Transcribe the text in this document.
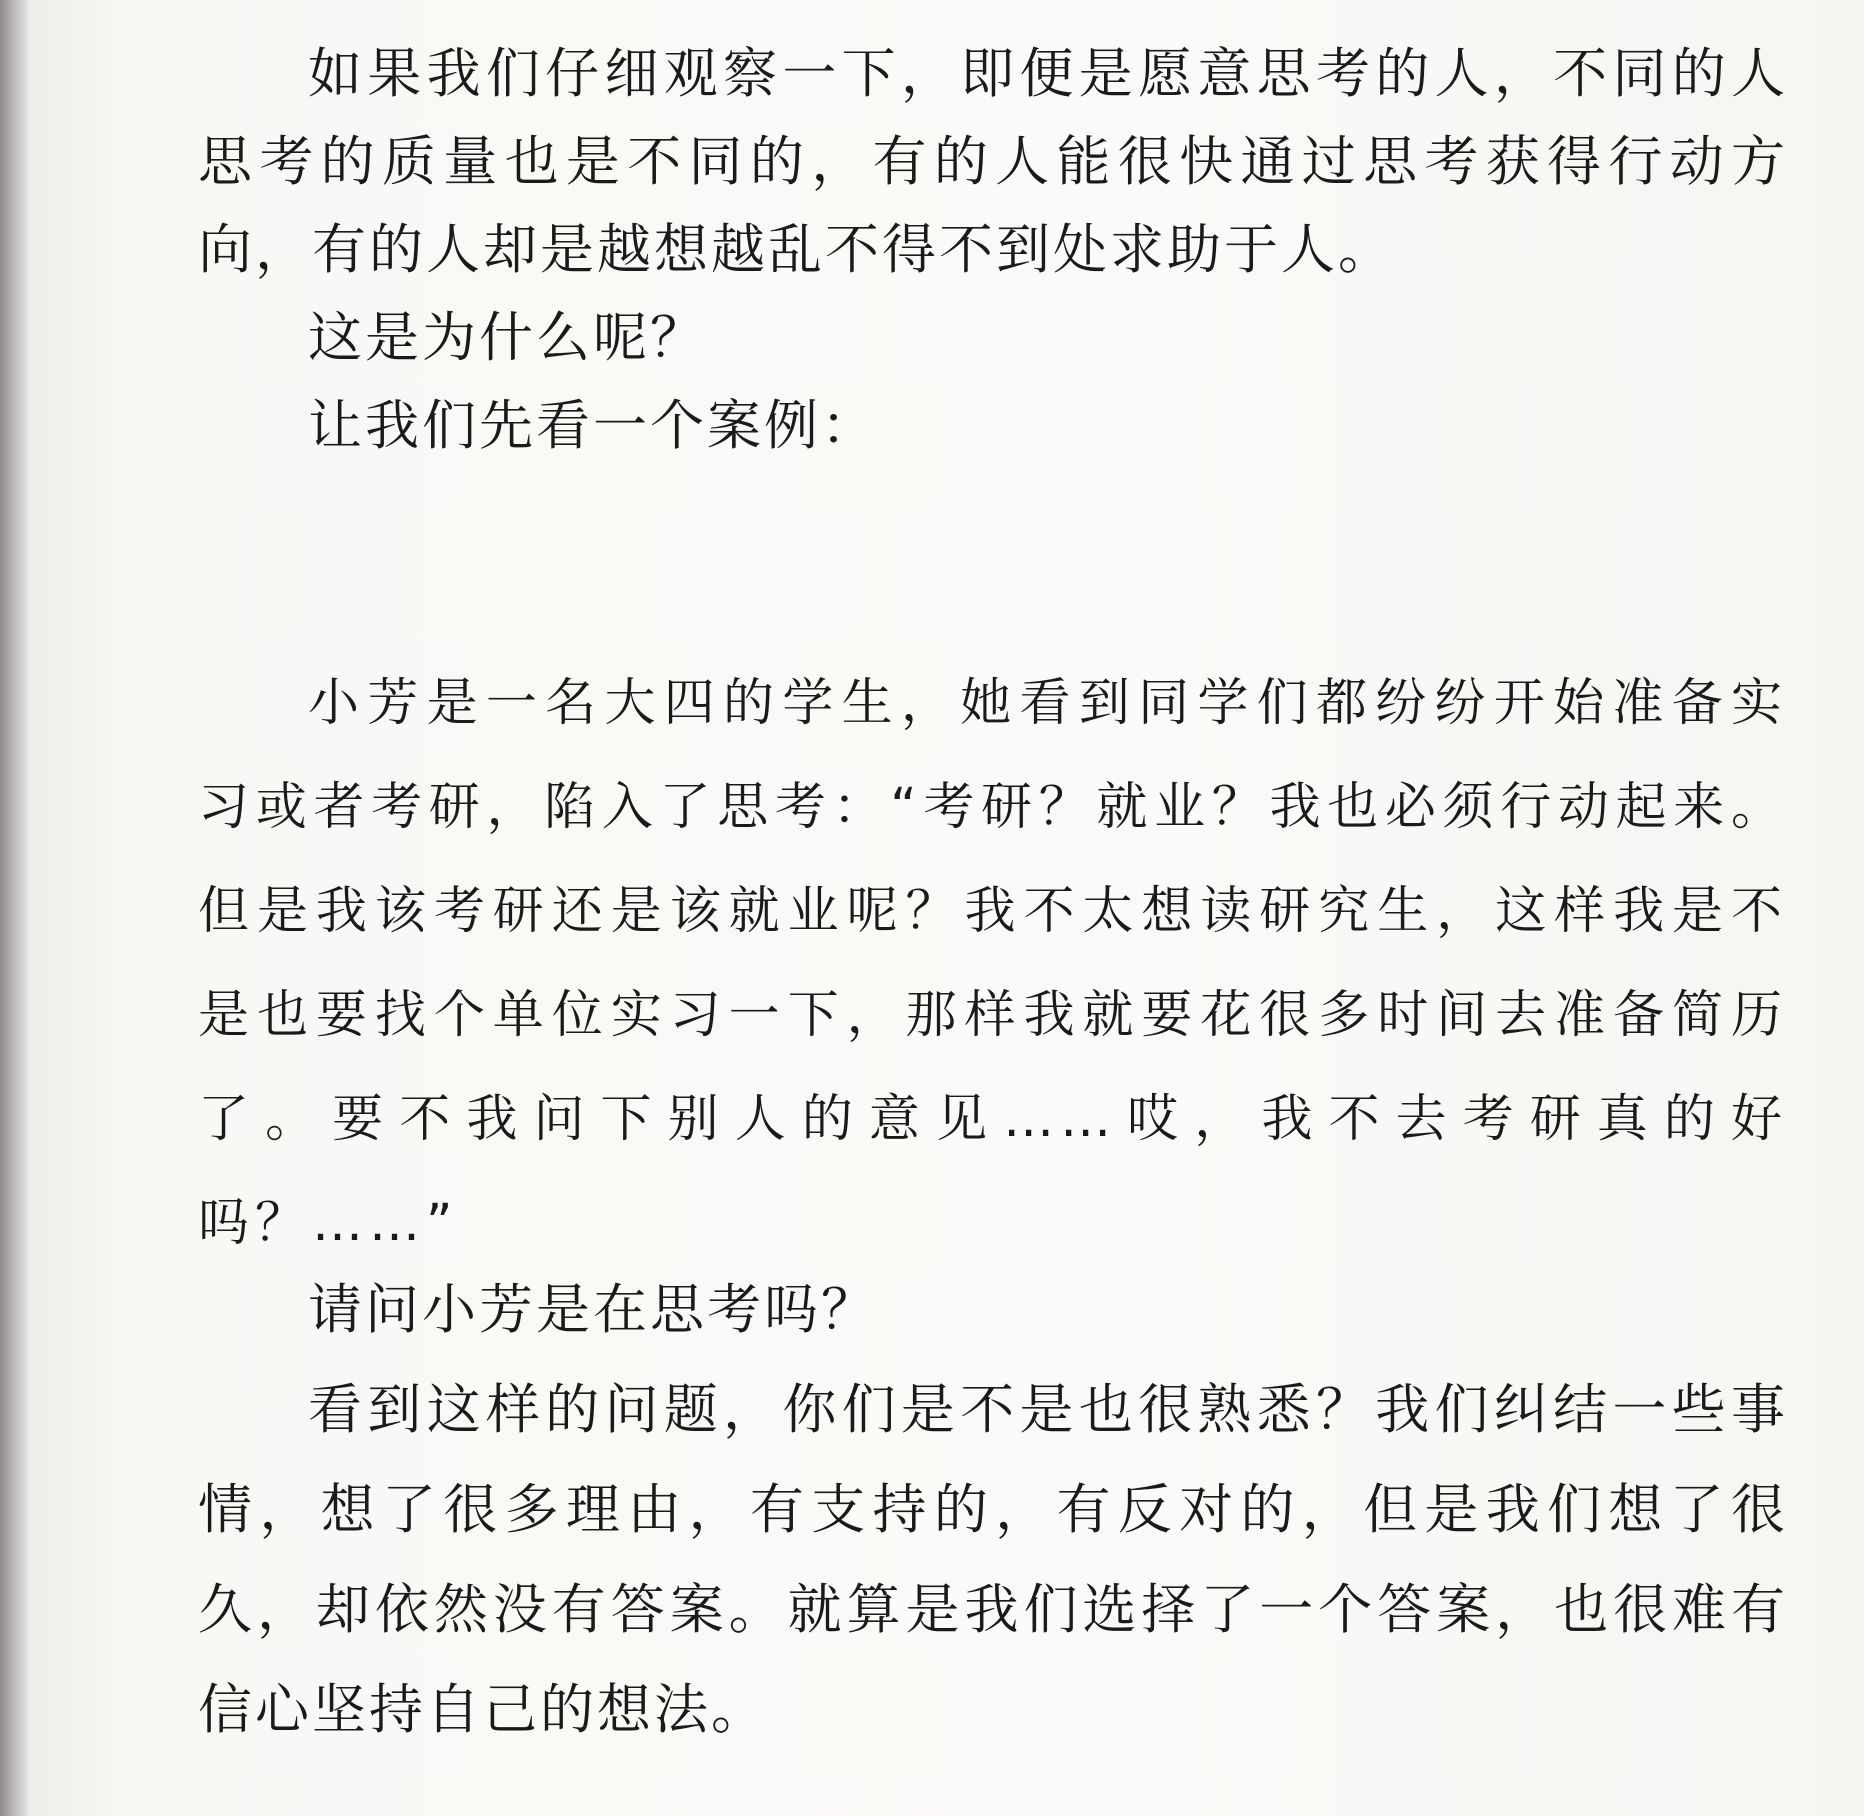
如果我们仔细观察一下，即便是愿意思考的人，不同的人思考的质量也是不同的，有的人能很快通过思考获得行动方向，有的人却是越想越乱不得不到处求助于人。

这是为什么呢？

让我们先看一个案例：

小芳是一名大四的学生，她看到同学们都纷纷开始准备实习或者考研，陷入了思考：“考研？就业？我也必须行动起来。但是我该考研还是该就业呢？我不太想读研究生，这样我是不是也要找个单位实习一下，那样我就要花很多时间去准备简历了。要不我问下别人的意见……哎，我不去考研真的好吗？……”

请问小芳是在思考吗？

看到这样的问题，你们是不是也很熟悉？我们纠结一些事情，想了很多理由，有支持的，有反对的，但是我们想了很久，却依然没有答案。就算是我们选择了一个答案，也很难有信心坚持自己的想法。
